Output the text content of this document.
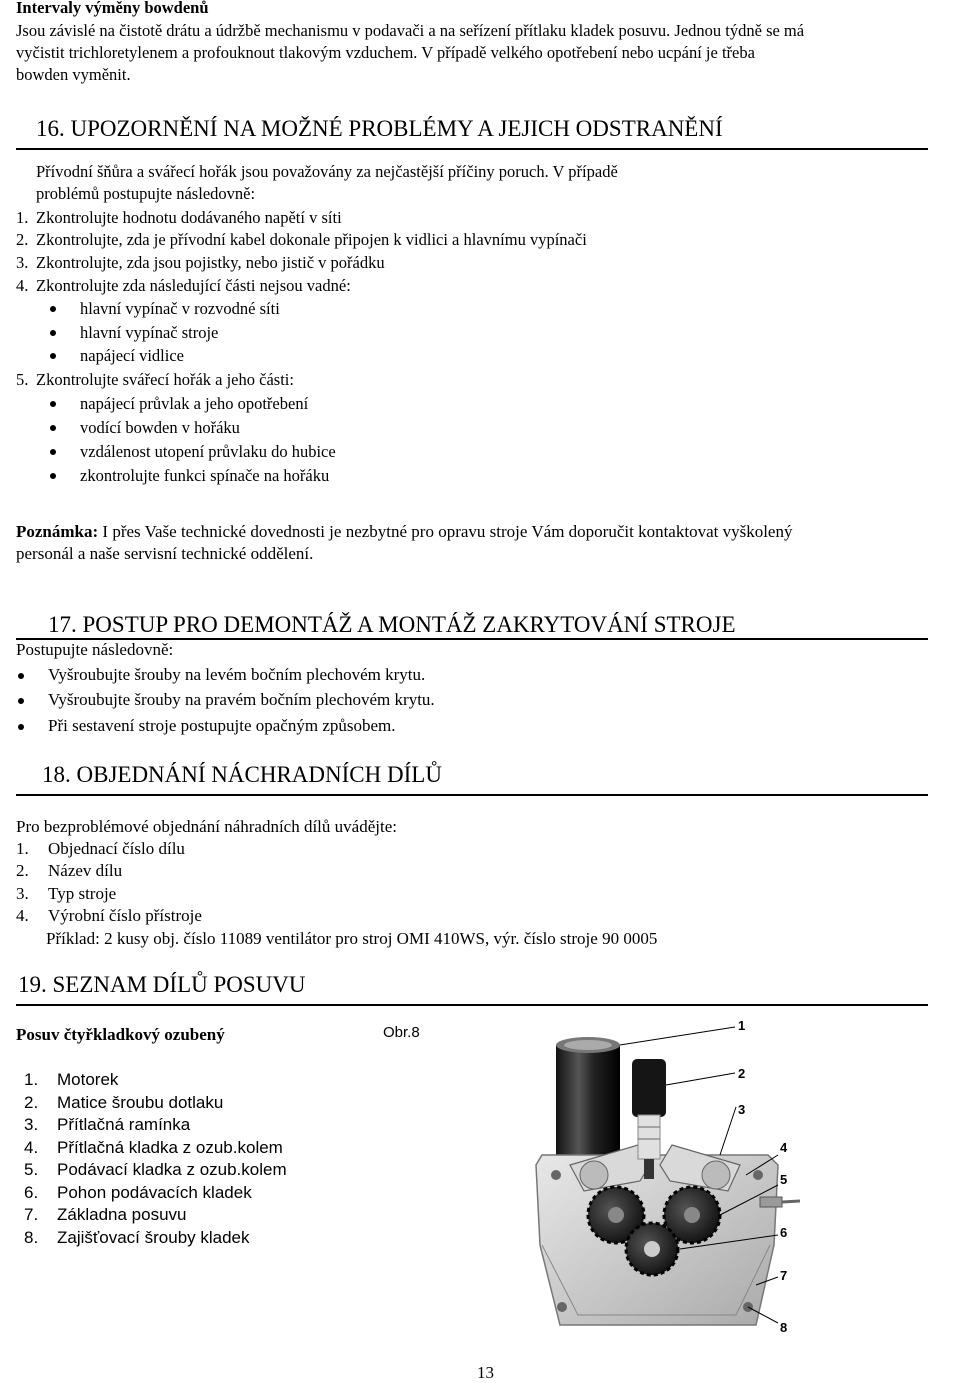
Intervaly výměny bowdenů
Jsou závislé na čistotě drátu a údržbě mechanismu v podavači a na seřízení přítlaku kladek posuvu. Jednou týdně se má
vyčistit trichloretylenem a profouknout tlakovým vzduchem. V případě velkého opotřebení nebo ucpání je třeba
bowden vyměnit.
16. UPOZORNĚNÍ NA MOŽNÉ PROBLÉMY A JEJICH ODSTRANĚNÍ
Přívodní šňůra a svářecí hořák jsou považovány za nejčastější příčiny poruch. V případě
problémů postupujte následovně:
1. Zkontrolujte hodnotu dodávaného napětí v síti
2. Zkontrolujte, zda je přívodní kabel dokonale připojen k vidlici a hlavnímu vypínači
3. Zkontrolujte, zda jsou pojistky, nebo jistič v pořádku
4. Zkontrolujte zda následující části nejsou vadné:
hlavní vypínač v rozvodné síti
hlavní vypínač stroje
napájecí vidlice
5. Zkontrolujte svářecí hořák a jeho části:
napájecí průvlak a jeho opotřebení
vodící bowden v hořáku
vzdálenost utopení průvlaku do hubice
zkontrolujte funkci spínače na hořáku
Poznámka: I přes Vaše technické dovednosti je nezbytné pro opravu stroje Vám doporučit kontaktovat vyškolený
personál a naše servisní technické oddělení.
17. POSTUP PRO DEMONTÁŽ A MONTÁŽ ZAKRYTOVÁNÍ STROJE
Postupujte následovně:
Vyšroubujte šrouby na levém bočním plechovém krytu.
Vyšroubujte šrouby na pravém bočním plechovém krytu.
Při sestavení stroje postupujte opačným způsobem.
18. OBJEDNÁNÍ NÁCHRADNÍCH DÍLŮ
Pro bezproblémové objednání náhradních dílů uvádějte:
1. Objednací číslo dílu
2. Název dílu
3. Typ stroje
4. Výrobní číslo přístroje
Příklad: 2 kusy obj. číslo 11089 ventilátor pro stroj OMI 410WS, výr. číslo stroje 90 0005
19. SEZNAM DÍLŮ POSUVU
Posuv čtyřkladkový ozubený	Obr.8
1. Motorek
2. Matice šroubu dotlaku
3. Přítlačná ramínka
4. Přítlačná kladka z ozub.kolem
5. Podávací kladka z ozub.kolem
6. Pohon podávacích kladek
7. Základna posuvu
8. Zajišťovací šrouby kladek
1
2
3
4
5
6
7
8
13
